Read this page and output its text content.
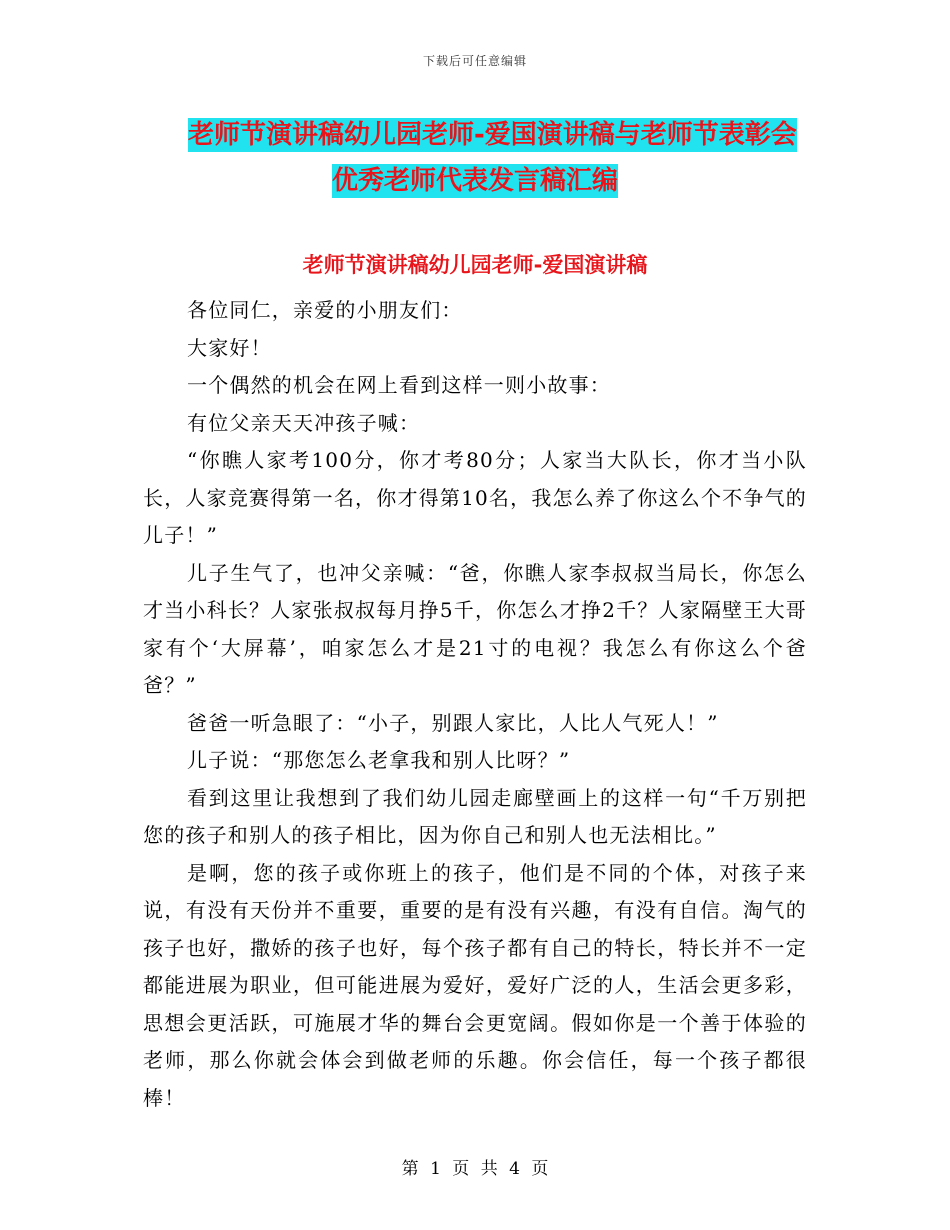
下载后可任意编辑
老师节演讲稿幼儿园老师-爱国演讲稿与老师节表彰会
优秀老师代表发言稿汇编
老师节演讲稿幼儿园老师-爱国演讲稿

各位同仁，亲爱的小朋友们：

大家好！

一个偶然的机会在网上看到这样一则小故事：

有位父亲天天冲孩子喊：

“你瞧人家考100分，你才考80分；人家当大队长，你才当小队长，人家竞赛得第一名，你才得第10名，我怎么养了你这么个不争气的儿子！”

儿子生气了，也冲父亲喊：“爸，你瞧人家李叔叔当局长，你怎么才当小科长？人家张叔叔每月挣5千，你怎么才挣2千？人家隔壁王大哥家有个‘大屏幕’，咱家怎么才是21寸的电视？我怎么有你这么个爸爸？”

爸爸一听急眼了：“小子，别跟人家比，人比人气死人！”

儿子说：“那您怎么老拿我和别人比呀？”

看到这里让我想到了我们幼儿园走廊壁画上的这样一句“千万别把您的孩子和别人的孩子相比，因为你自己和别人也无法相比。”

是啊，您的孩子或你班上的孩子，他们是不同的个体，对孩子来说，有没有天份并不重要，重要的是有没有兴趣，有没有自信。淘气的孩子也好，撒娇的孩子也好，每个孩子都有自己的特长，特长并不一定都能进展为职业，但可能进展为爱好，爱好广泛的人，生活会更多彩，思想会更活跃，可施展才华的舞台会更宽阔。假如你是一个善于体验的老师，那么你就会体会到做老师的乐趣。你会信任，每一个孩子都很棒！

第 1 页 共 4 页
